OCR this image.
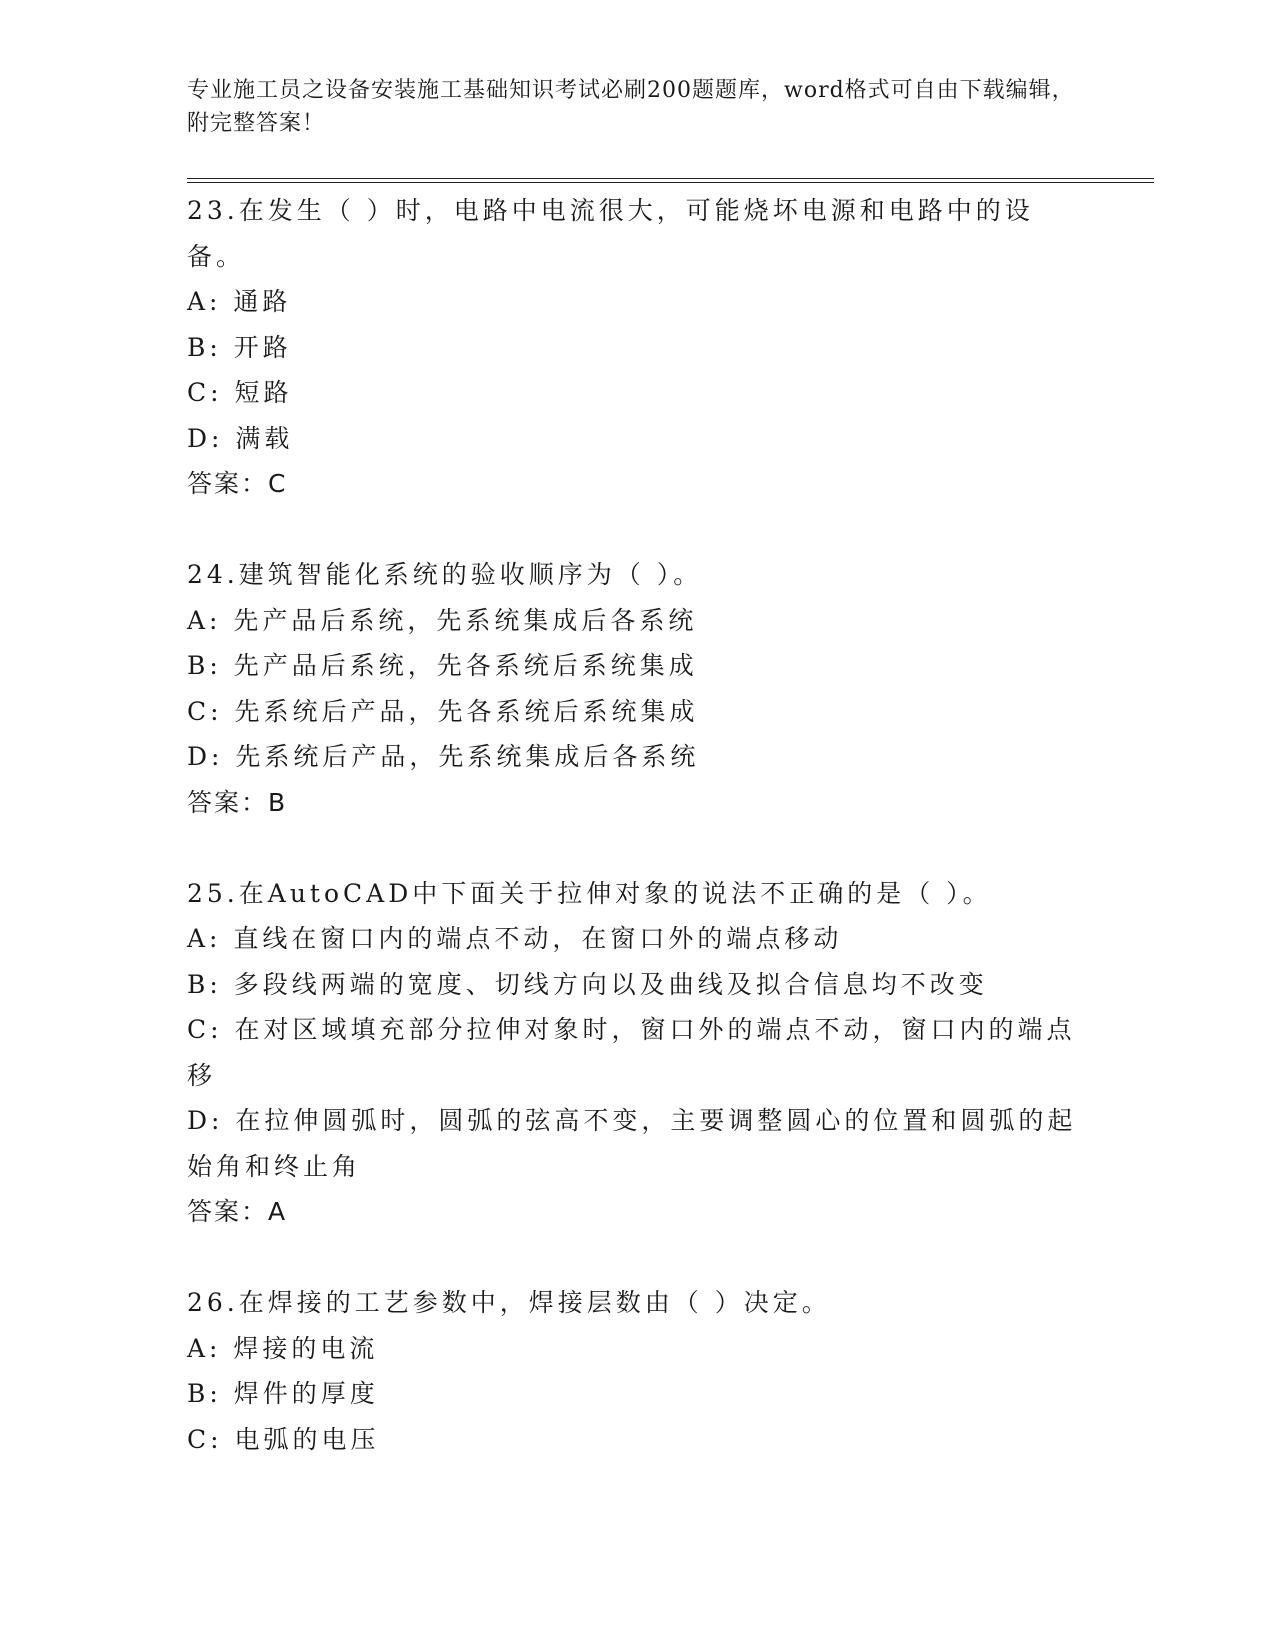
专业施工员之设备安装施工基础知识考试必刷200题题库，word格式可自由下载编辑，附完整答案！

23.在发生（ ）时，电路中电流很大，可能烧坏电源和电路中的设备。

A: 通路

B: 开路

C: 短路

D: 满载

答案：C

24.建筑智能化系统的验收顺序为（ ）。

A: 先产品后系统，先系统集成后各系统

B: 先产品后系统，先各系统后系统集成

C: 先系统后产品，先各系统后系统集成

D: 先系统后产品，先系统集成后各系统

答案：B

25.在AutoCAD中下面关于拉伸对象的说法不正确的是（ ）。

A: 直线在窗口内的端点不动，在窗口外的端点移动

B: 多段线两端的宽度、切线方向以及曲线及拟合信息均不改变

C: 在对区域填充部分拉伸对象时，窗口外的端点不动，窗口内的端点移

D: 在拉伸圆弧时，圆弧的弦高不变，主要调整圆心的位置和圆弧的起始角和终止角

答案：A

26.在焊接的工艺参数中，焊接层数由（ ）决定。

A: 焊接的电流

B: 焊件的厚度

C: 电弧的电压
